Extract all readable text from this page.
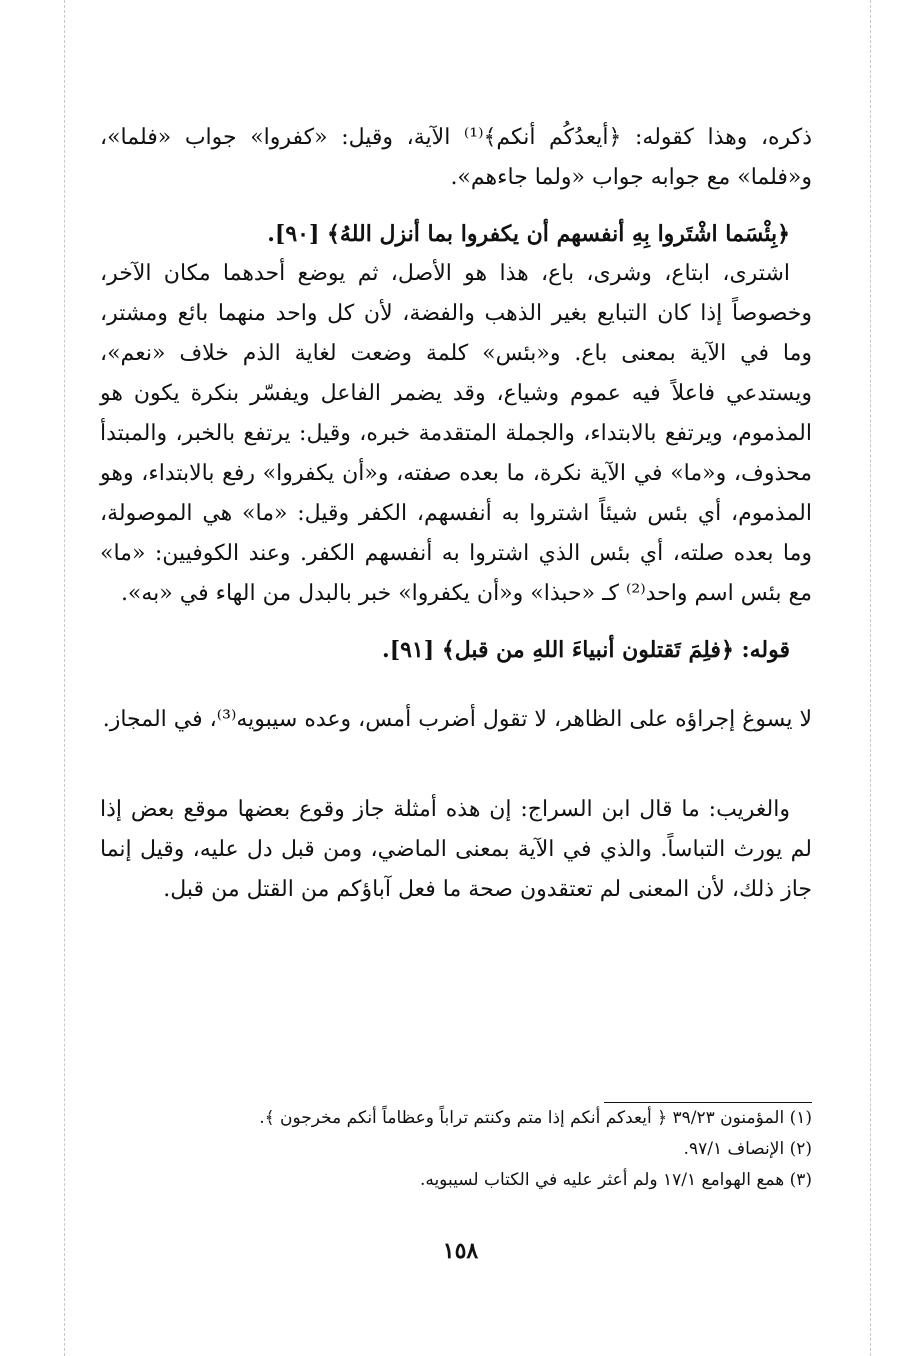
ذكره، وهذا كقوله: ﴿أيعدُكُم أنكم﴾⁽¹⁾ الآية، وقيل: «كفروا» جواب «فلما»، و«فلما» مع جوابه جواب «ولما جاءهم».

﴿بِئْسَما اشْتَروا بِهِ أنفسهم أن يكفروا بما أنزل اللهُ﴾ [٩٠].

اشترى، ابتاع، وشرى، باع، هذا هو الأصل، ثم يوضع أحدهما مكان الآخر، وخصوصاً إذا كان التبايع بغير الذهب والفضة، لأن كل واحد منهما بائع ومشتر، وما في الآية بمعنى باع. و«بئس» كلمة وضعت لغاية الذم خلاف «نعم»، ويستدعي فاعلاً فيه عموم وشياع، وقد يضمر الفاعل ويفسّر بنكرة يكون هو المذموم، ويرتفع بالابتداء، والجملة المتقدمة خبره، وقيل: يرتفع بالخبر، والمبتدأ محذوف، و«ما» في الآية نكرة، ما بعده صفته، و«أن يكفروا» رفع بالابتداء، وهو المذموم، أي بئس شيئاً اشتروا به أنفسهم، الكفر وقيل: «ما» هي الموصولة، وما بعده صلته، أي بئس الذي اشتروا به أنفسهم الكفر. وعند الكوفيين: «ما» مع بئس اسم واحد⁽²⁾ كـ «حبذا» و«أن يكفروا» خبر بالبدل من الهاء في «به».

قوله: ﴿فلِمَ تَقتلون أنبياءَ اللهِ من قبل﴾ [٩١].

لا يسوغ إجراؤه على الظاهر، لا تقول أضرب أمس، وعده سيبويه⁽³⁾، في المجاز.

والغريب: ما قال ابن السراج: إن هذه أمثلة جاز وقوع بعضها موقع بعض إذا لم يورث التباساً. والذي في الآية بمعنى الماضي، ومن قبل دل عليه، وقيل إنما جاز ذلك، لأن المعنى لم تعتقدون صحة ما فعل آباؤكم من القتل من قبل.

(١) المؤمنون ٣٩/٢٣ ﴿ أيعدكم أنكم إذا متم وكنتم تراباً وعظاماً أنكم مخرجون ﴾.

(٢) الإنصاف ٩٧/١.

(٣) همع الهوامع ١٧/١ ولم أعثر عليه في الكتاب لسيبويه.

١٥٨
